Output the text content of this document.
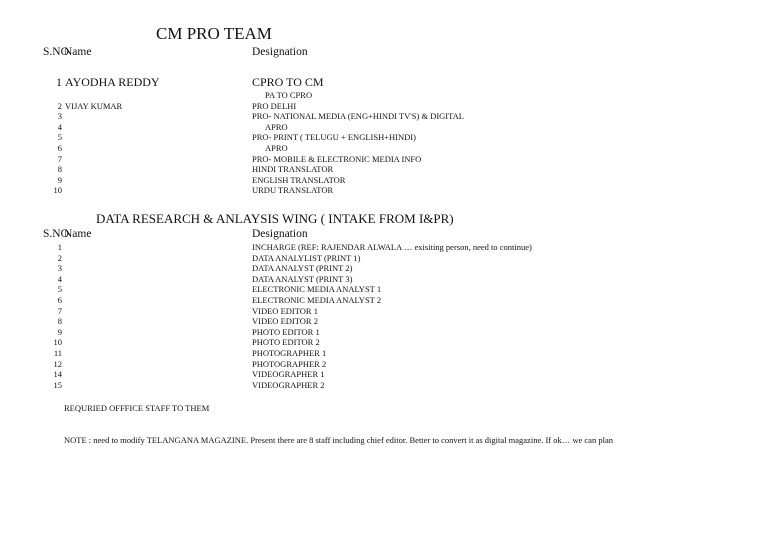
CM PRO TEAM
S.NO
Name	Designation
1 AYODHA REDDY	CPRO TO CM
PA TO CPRO
2 VIJAY KUMAR	PRO DELHI
3	PRO- NATIONAL MEDIA (ENG+HINDI TV'S) & DIGITAL
4	APRO
5	PRO- PRINT ( TELUGU + ENGLISH+HINDI)
6	APRO
7	PRO- MOBILE & ELECTRONIC MEDIA INFO
8	HINDI TRANSLATOR
9	ENGLISH TRANSLATOR
10	URDU TRANSLATOR
DATA RESEARCH & ANLAYSIS WING ( INTAKE FROM I&PR)
S.NO
Name	Designation
1	INCHARGE (REF: RAJENDAR ALWALA … exisiting person, need to continue)
2	DATA ANALYLIST (PRINT 1)
3	DATA ANALYST (PRINT 2)
4	DATA ANALYST (PRINT 3)
5	ELECTRONIC MEDIA ANALYST 1
6	ELECTRONIC MEDIA ANALYST 2
7	VIDEO EDITOR 1
8	VIDEO EDITOR 2
9	PHOTO EDITOR 1
10	PHOTO EDITOR 2
11	PHOTOGRAPHER 1
12	PHOTOGRAPHER 2
14	VIDEOGRAPHER 1
15	VIDEOGRAPHER 2
REQURIED OFFFICE STAFF TO THEM
NOTE : need to modify TELANGANA MAGAZINE. Present there are 8 staff including chief editor. Better to convert it as digital magazine. If ok… we can plan
